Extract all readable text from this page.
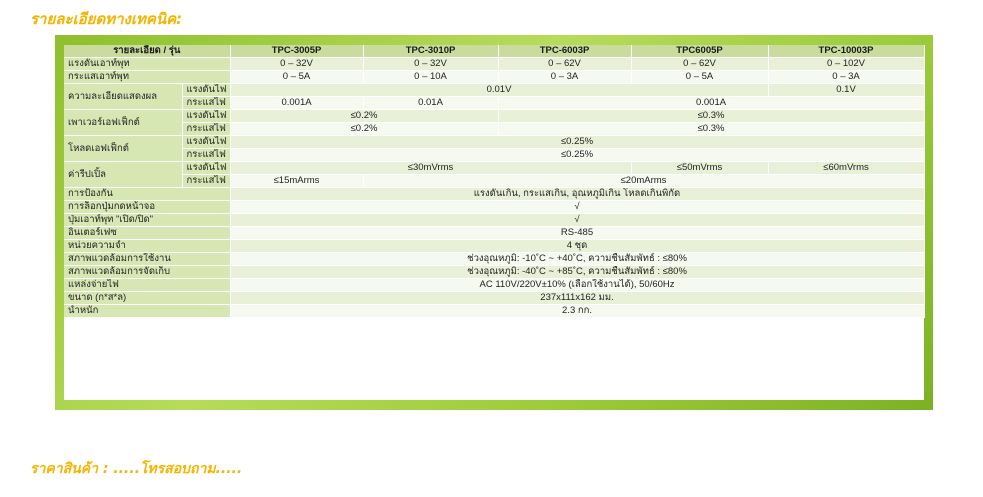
รายละเอียดทางเทคนิค:
รายละเอียด / รุ่น		TPC-3005P	TPC-3010P	TPC-6003P	TPC6005P	TPC-10003P
แรงดันเอาท์พุท		0 – 32V	0 – 32V	0 – 62V	0 – 62V	0 – 102V
กระแสเอาท์พุท		0 – 5A	0 – 10A	0 – 3A	0 – 5A	0 – 3A
ความละเอียดแสดงผล	แรงดันไฟ	0.01V				0.1V
	กระแสไฟ	0.001A	0.01A	0.001A		
เพาเวอร์เอฟเฟ็กต์	แรงดันไฟ	≤0.2%		≤0.3%		
	กระแสไฟ	≤0.2%		≤0.3%		
โหลดเอฟเฟ็กต์	แรงดันไฟ	≤0.25%				
	กระแสไฟ	≤0.25%				
ค่ารีปเปิ้ล	แรงดันไฟ	≤30mVrms			≤50mVrms	≤60mVrms
	กระแสไฟ	≤15mArms	≤20mArms			
การป้องกัน		แรงดันเกิน, กระแสเกิน, อุณหภูมิเกิน โหลดเกินพิกัด				
การล็อกปุ่มกดหน้าจอ		√				
ปุ่มเอาท์พุท "เปิด/ปิด"		√				
อินเตอร์เฟซ		RS-485				
หน่วยความจำ		4 ชุด				
สภาพแวดล้อมการใช้งาน		ช่วงอุณหภูมิ: -10˚C ~ +40˚C, ความชื้นสัมพัทธ์ : ≤80%				
สภาพแวดล้อมการจัดเก็บ		ช่วงอุณหภูมิ: -40˚C ~ +85˚C, ความชื้นสัมพัทธ์ : ≤80%				
แหล่งจ่ายไฟ		AC 110V/220V±10% (เลือกใช้งานได้), 50/60Hz				
ขนาด (ก*ส*ล)		237x111x162 มม.				
น้ำหนัก		2.3 กก.				
ราคาสินค้า : .....โทรสอบถาม.....
